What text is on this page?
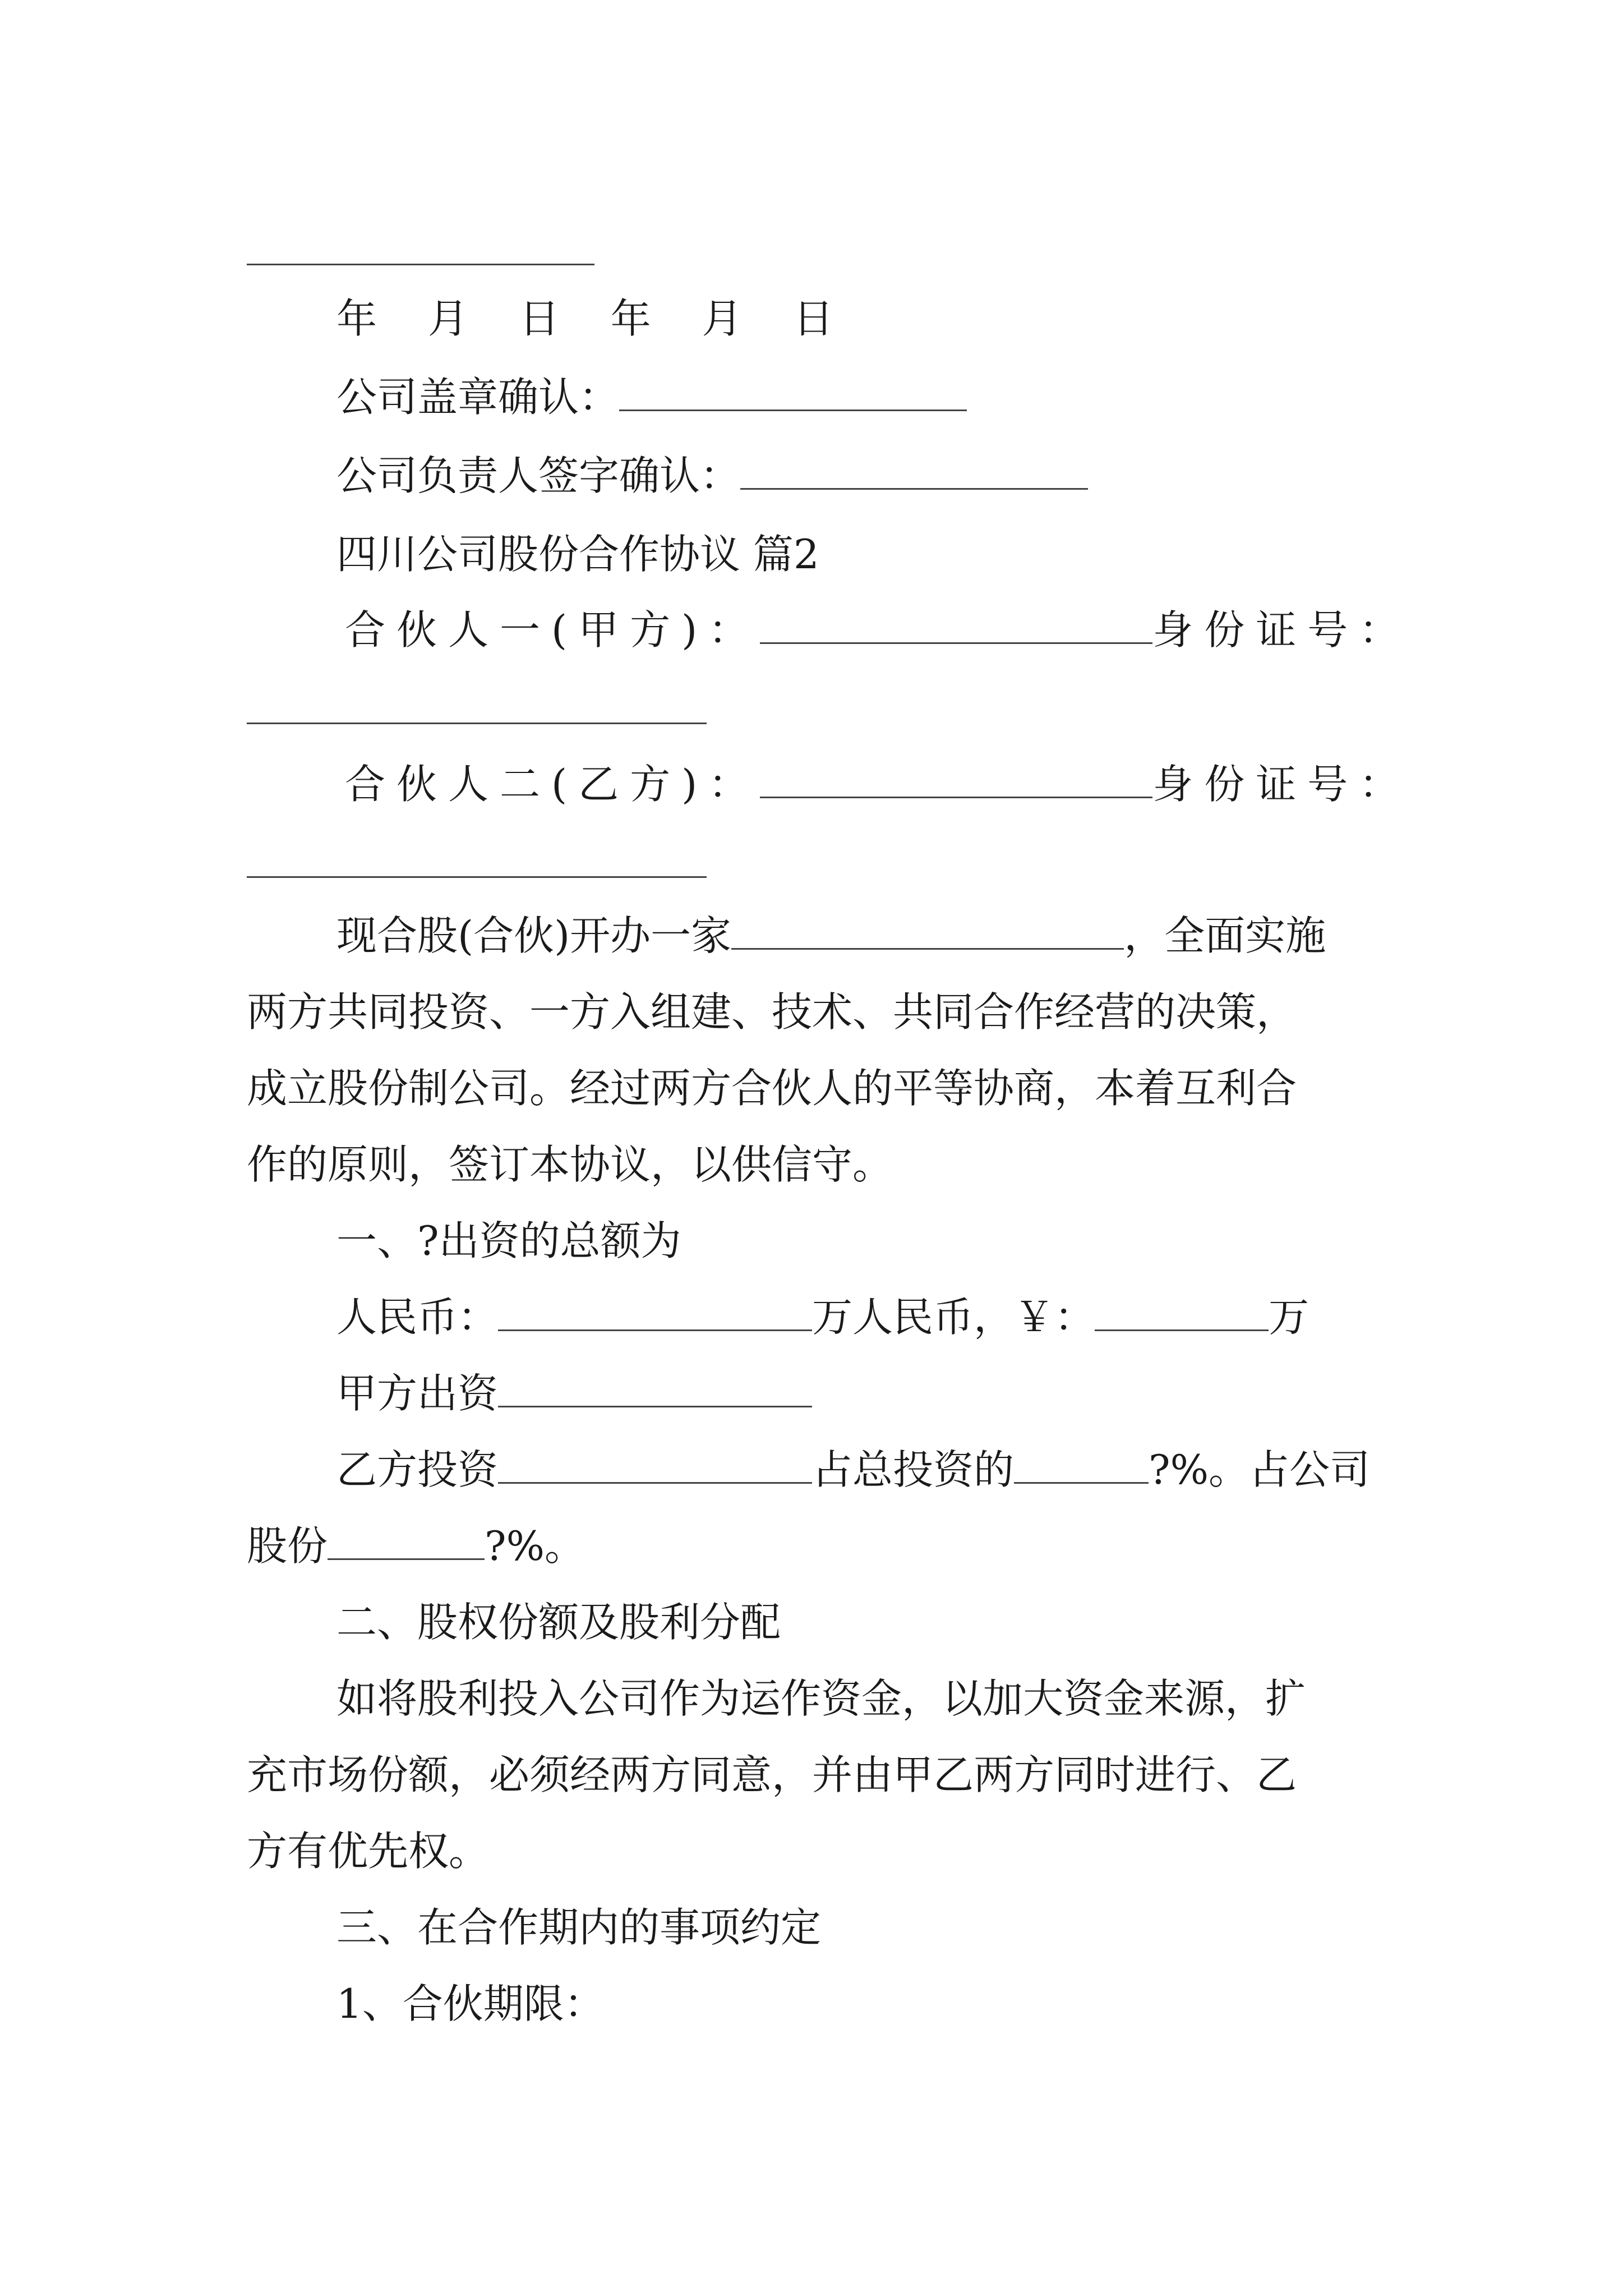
年 月 日 年 月 日
公司盖章确认：
公司负责人签字确认：
四川公司股份合作协议 篇2
合伙人一(甲方)：	身份证号：
合伙人二(乙方)：	身份证号：
现合股(合伙)开办一家	，全面实施
两方共同投资、一方入组建、技术、共同合作经营的决策，
成立股份制公司。经过两方合伙人的平等协商，本着互利合
作的原则，签订本协议，以供信守。
一、?出资的总额为
人民币：	万人民币，￥：	万
甲方出资
乙方投资	占总投资的	?%。占公司
股份	?%。
二、股权份额及股利分配
如将股利投入公司作为运作资金，以加大资金来源，扩
充市场份额，必须经两方同意，并由甲乙两方同时进行、乙
方有优先权。
三、在合作期内的事项约定
1、合伙期限：
